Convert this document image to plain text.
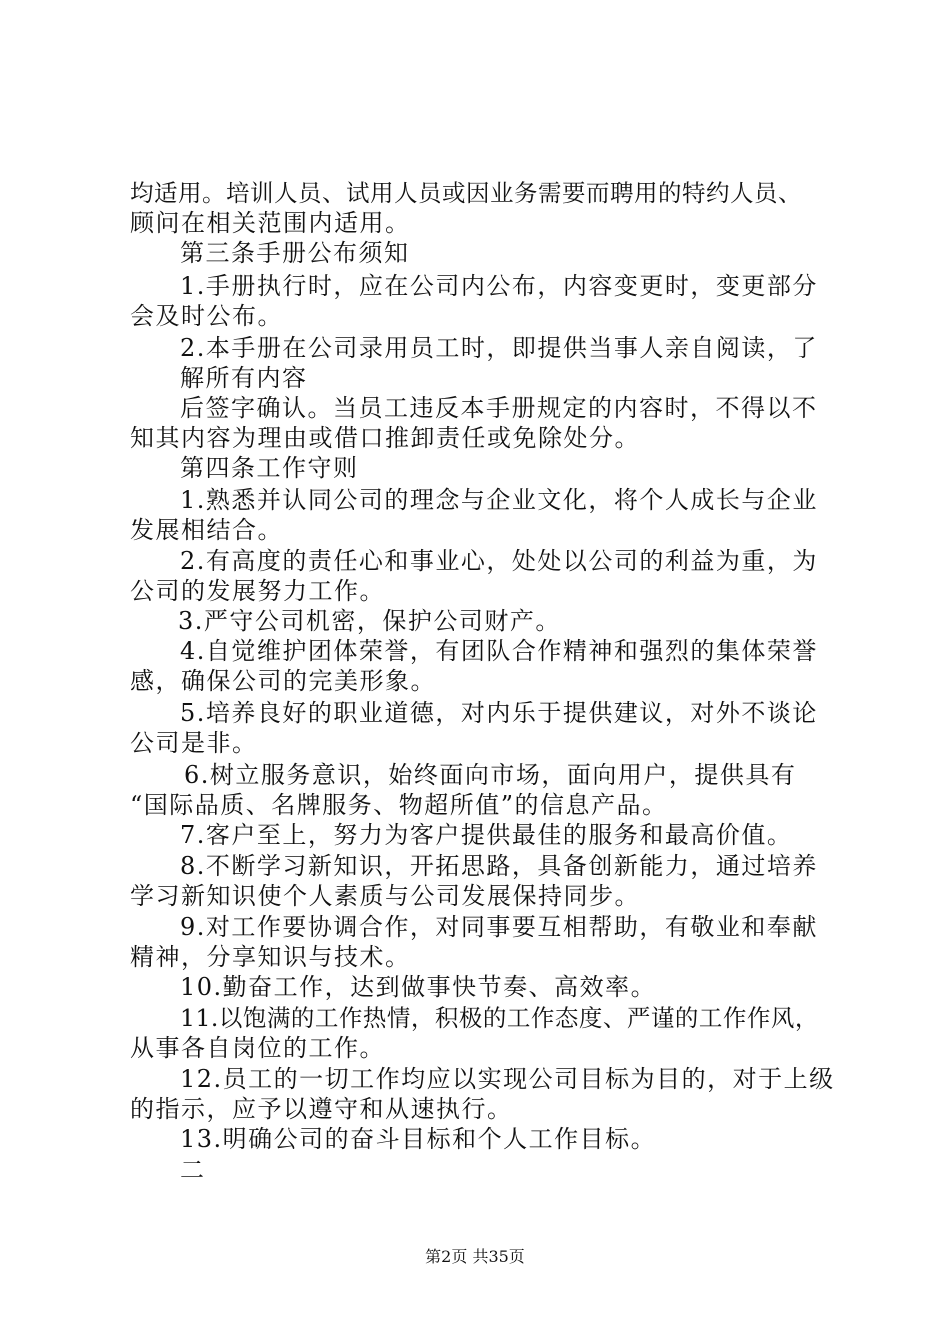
均适用。培训人员、试用人员或因业务需要而聘用的特约人员、
顾问在相关范围内适用。
第三条手册公布须知
1.手册执行时，应在公司内公布，内容变更时，变更部分
会及时公布。
2.本手册在公司录用员工时，即提供当事人亲自阅读，了
解所有内容
后签字确认。当员工违反本手册规定的内容时，不得以不
知其内容为理由或借口推卸责任或免除处分。
第四条工作守则
1.熟悉并认同公司的理念与企业文化，将个人成长与企业
发展相结合。
2.有高度的责任心和事业心，处处以公司的利益为重，为
公司的发展努力工作。
3.严守公司机密，保护公司财产。
4.自觉维护团体荣誉，有团队合作精神和强烈的集体荣誉
感，确保公司的完美形象。
5.培养良好的职业道德，对内乐于提供建议，对外不谈论
公司是非。
6.树立服务意识，始终面向市场，面向用户，提供具有
“国际品质、名牌服务、物超所值”的信息产品。
7.客户至上，努力为客户提供最佳的服务和最高价值。
8.不断学习新知识，开拓思路，具备创新能力，通过培养
学习新知识使个人素质与公司发展保持同步。
9.对工作要协调合作，对同事要互相帮助，有敬业和奉献
精神，分享知识与技术。
10.勤奋工作，达到做事快节奏、高效率。
11.以饱满的工作热情，积极的工作态度、严谨的工作作风，
从事各自岗位的工作。
12.员工的一切工作均应以实现公司目标为目的，对于上级
的指示，应予以遵守和从速执行。
13.明确公司的奋斗目标和个人工作目标。
二
第2页 共35页
